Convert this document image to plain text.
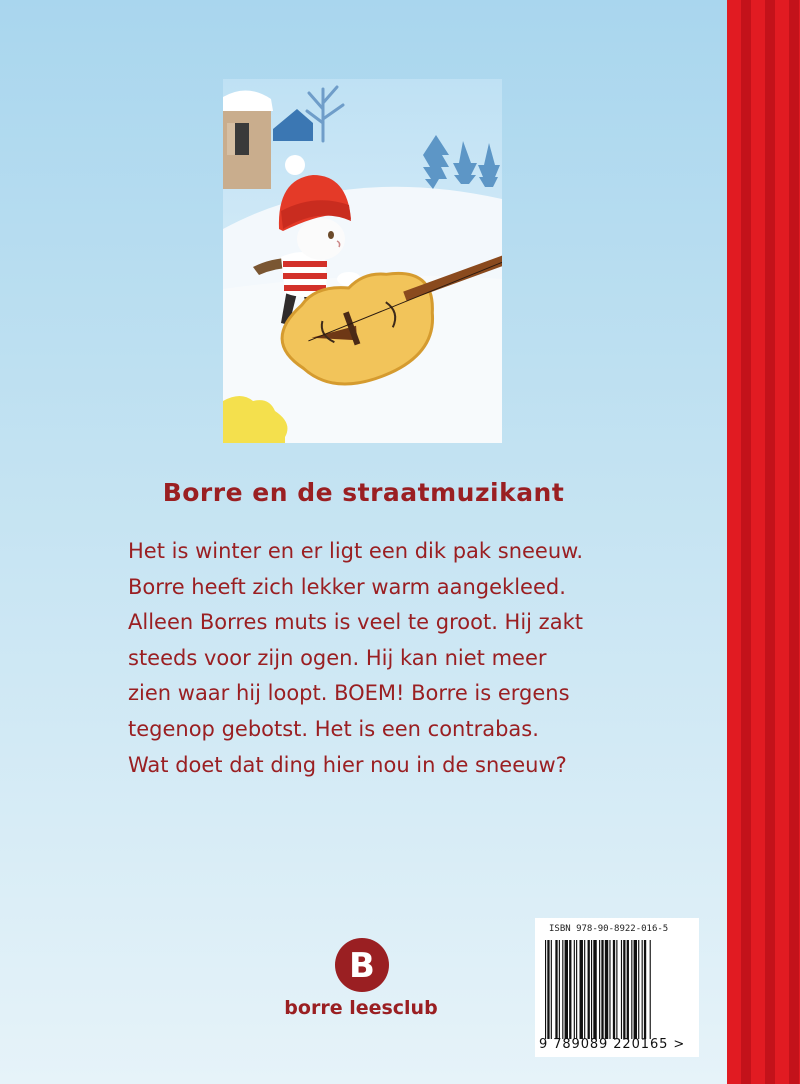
Borre en de straatmuzikant
Het is winter en er ligt een dik pak sneeuw.
Borre heeft zich lekker warm aangekleed.
Alleen Borres muts is veel te groot. Hij zakt
steeds voor zijn ogen. Hij kan niet meer
zien waar hij loopt. BOEM! Borre is ergens
tegenop gebotst. Het is een contrabas.
Wat doet dat ding hier nou in de sneeuw?
B
borre leesclub
ISBN 978-90-8922-016-5
9 789089 220165 >
